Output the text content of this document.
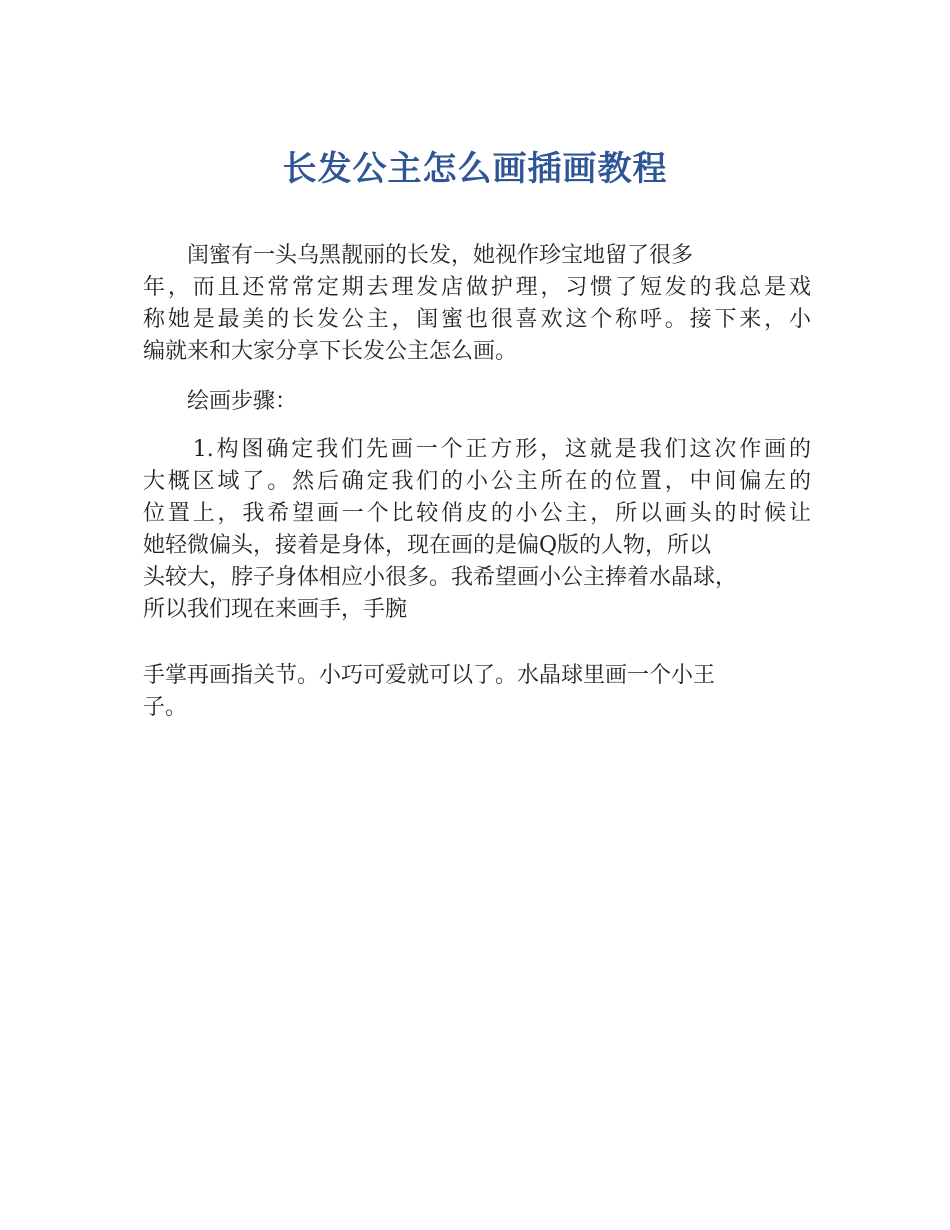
长发公主怎么画插画教程
　　闺蜜有一头乌黑靓丽的长发，她视作珍宝地留了很多
年，而且还常常定期去理发店做护理，习惯了短发的我总是戏
称她是最美的长发公主，闺蜜也很喜欢这个称呼。接下来，小
编就来和大家分享下长发公主怎么画。
　　绘画步骤：
　　1.构图确定我们先画一个正方形，这就是我们这次作画的
大概区域了。然后确定我们的小公主所在的位置，中间偏左的
位置上，我希望画一个比较俏皮的小公主，所以画头的时候让
她轻微偏头，接着是身体，现在画的是偏Q版的人物，所以
头较大，脖子身体相应小很多。我希望画小公主捧着水晶球，
所以我们现在来画手，手腕
手掌再画指关节。小巧可爱就可以了。水晶球里画一个小王
子。
